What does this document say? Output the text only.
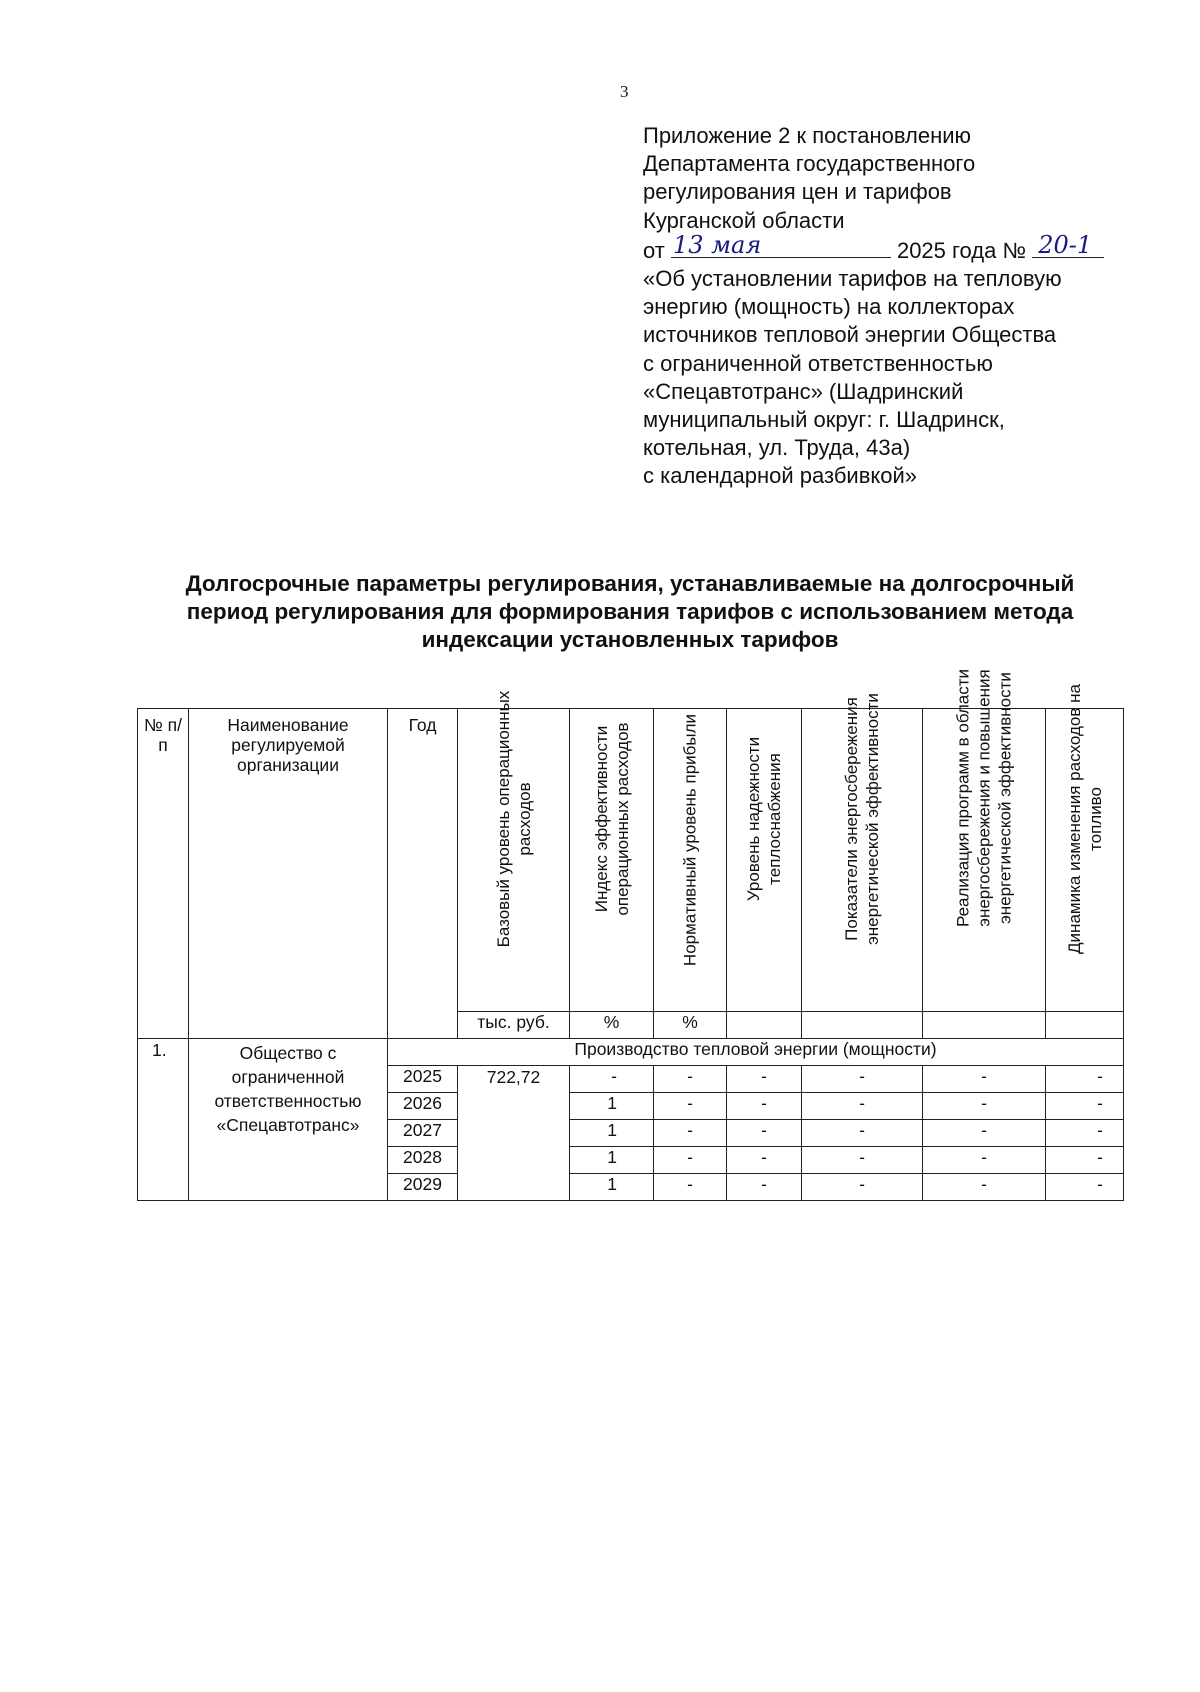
3
Приложение 2 к постановлению
Департамента государственного
регулирования цен и тарифов
Курганской области
от 13 мая	2025 года № 20-1
«Об установлении тарифов на тепловую
энергию (мощность) на коллекторах
источников тепловой энергии Общества
с ограниченной ответственностью
«Спецавтотранс» (Шадринский
муниципальный округ: г. Шадринск,
котельная, ул. Труда, 43а)
с календарной разбивкой»
Долгосрочные параметры регулирования, устанавливаемые на долгосрочный
период регулирования для формирования тарифов с использованием метода
индексации установленных тарифов
№ п/п	Наименование регулируемой организации	Год	Базовый уровень операционных расходов	Индекс эффективности операционных расходов	Нормативный уровень прибыли	Уровень надежности теплоснабжения	Показатели энергосбережения энергетической эффективности	Реализация программ в области энергосбережения и повышения энергетической эффективности	Динамика изменения расходов на топливо

			тыс. руб.	%	%				
1.	Общество с ограниченной ответственностью «Спецавтотранс»	Производство тепловой энергии (мощности)							
		2025	722,72	-	-	-	-	-	-
		2026		1	-	-	-	-	-
		2027		1	-	-	-	-	-
		2028		1	-	-	-	-	-
		2029		1	-	-	-	-	-
